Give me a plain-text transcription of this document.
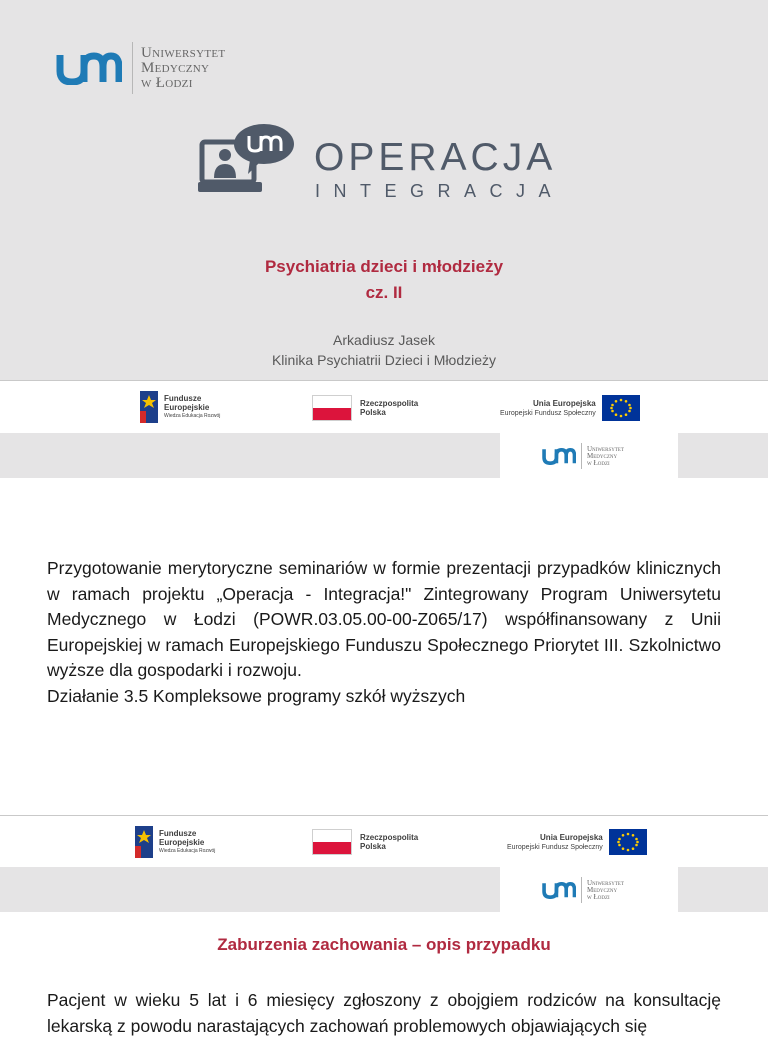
Uniwersytet
Medyczny
w Łodzi
OPERACJA
INTEGRACJA
Psychiatria dzieci i młodzieży
cz. II
Arkadiusz Jasek
Klinika Psychiatrii Dzieci i Młodzieży
Fundusze
Europejskie
Wiedza Edukacja Rozwój
Rzeczpospolita
Polska
Unia Europejska
Europejski Fundusz Społeczny
Uniwersytet
Medyczny
w Łodzi
Przygotowanie merytoryczne seminariów w formie prezentacji przypadków klinicznych w ramach projektu „Operacja - Integracja!" Zintegrowany Program Uniwersytetu Medycznego w Łodzi (POWR.03.05.00-00-Z065/17) współfinansowany z Unii Europejskiej w ramach Europejskiego Funduszu Społecznego Priorytet III. Szkolnictwo wyższe dla gospodarki i rozwoju.
Działanie 3.5 Kompleksowe programy szkół wyższych
Fundusze
Europejskie
Wiedza Edukacja Rozwój
Rzeczpospolita
Polska
Unia Europejska
Europejski Fundusz Społeczny
Uniwersytet
Medyczny
w Łodzi
Zaburzenia zachowania – opis przypadku
Pacjent w wieku 5 lat i 6 miesięcy zgłoszony z obojgiem rodziców na konsultację lekarską z powodu narastających zachowań problemowych objawiających się
